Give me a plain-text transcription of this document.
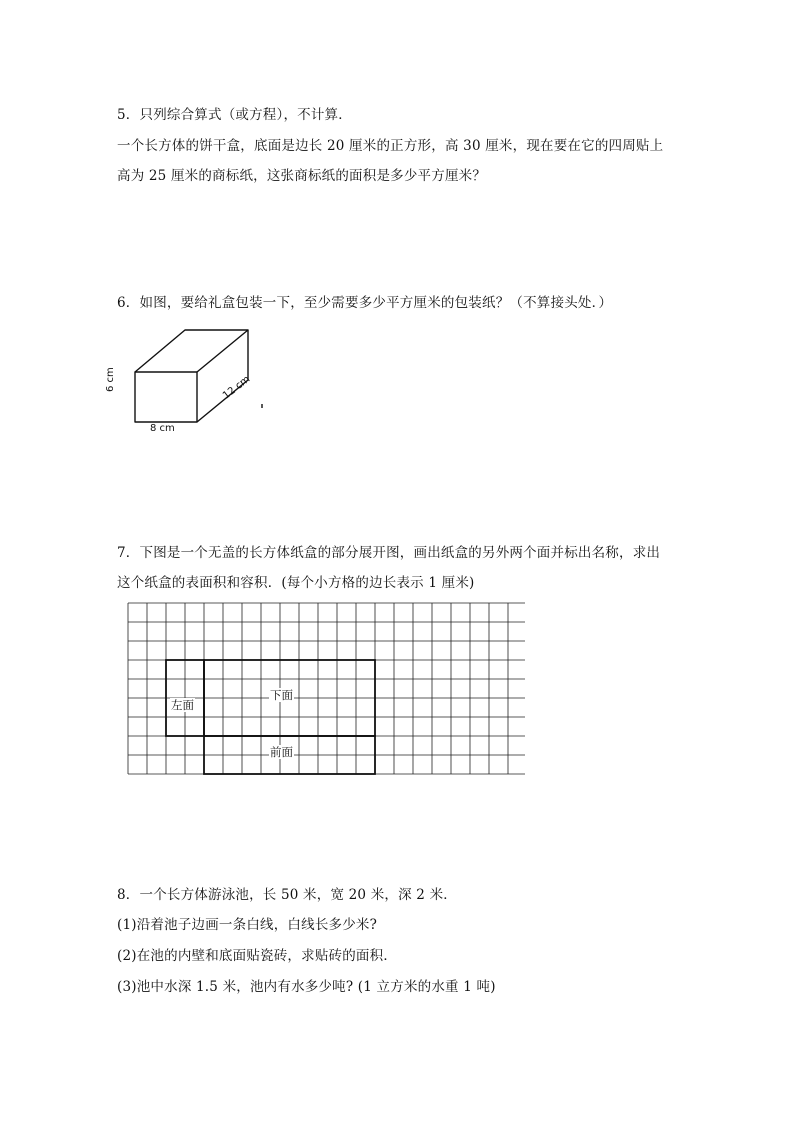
5．只列综合算式（或方程），不计算．
一个长方体的饼干盒，底面是边长 20 厘米的正方形，高 30 厘米，现在要在它的四周贴上
高为 25 厘米的商标纸，这张商标纸的面积是多少平方厘米？
6．如图，要给礼盒包装一下，至少需要多少平方厘米的包装纸？（不算接头处．）
6 cm
8 cm
12 cm
7．下图是一个无盖的长方体纸盒的部分展开图，画出纸盒的另外两个面并标出名称，求出
这个纸盒的表面积和容积．(每个小方格的边长表示 1 厘米)
左面
下面
前面
8．一个长方体游泳池，长 50 米，宽 20 米，深 2 米．
(1)沿着池子边画一条白线，白线长多少米?
(2)在池的内壁和底面贴瓷砖，求贴砖的面积．
(3)池中水深 1.5 米，池内有水多少吨? (1 立方米的水重 1 吨)
